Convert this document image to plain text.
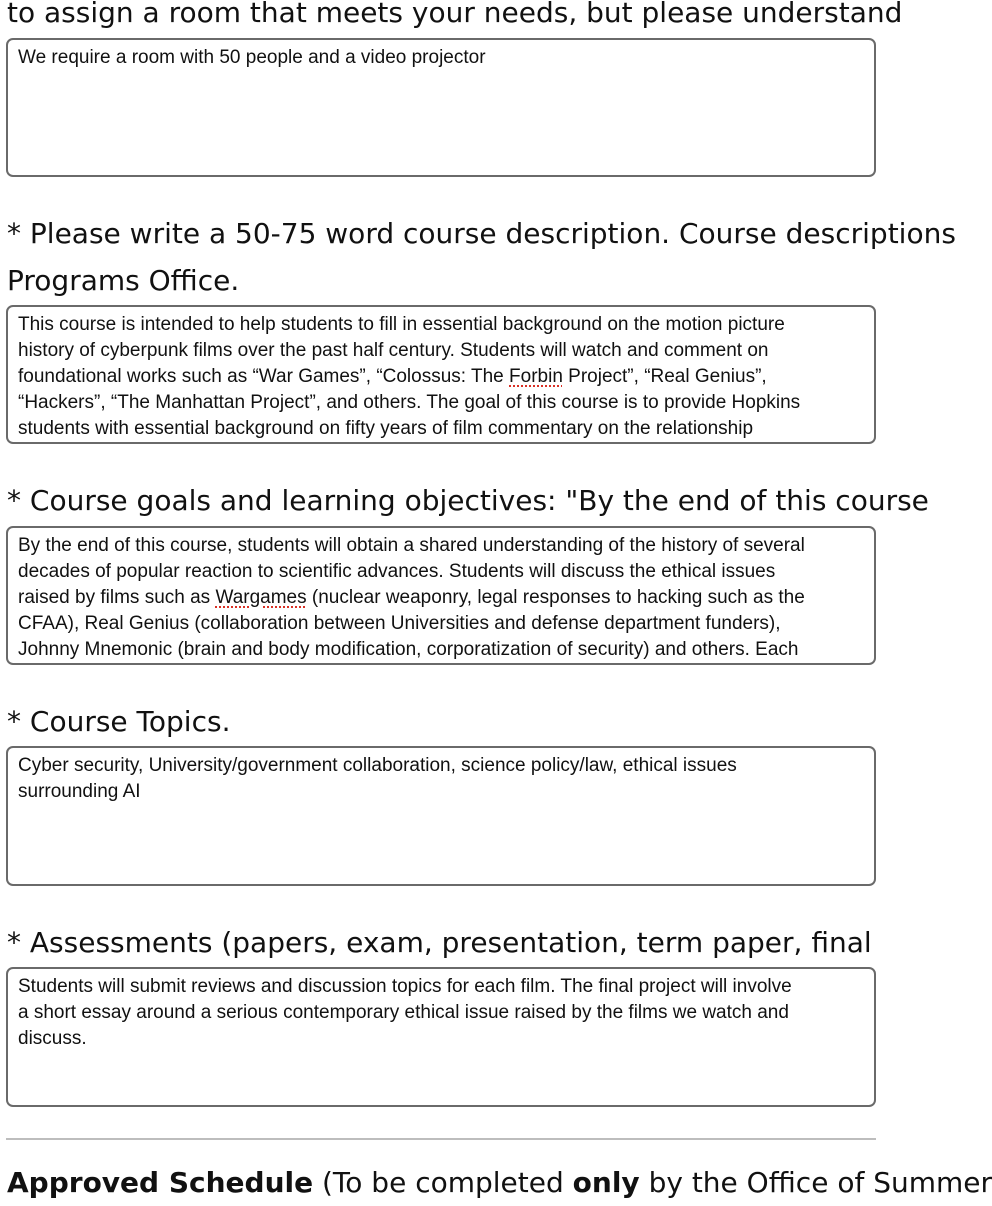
to assign a room that meets your needs, but please understand
We require a room with 50 people and a video projector
* Please write a 50-75 word course description. Course descriptions
Programs Office.
This course is intended to help students to fill in essential background on the motion picture
history of cyberpunk films over the past half century. Students will watch and comment on
foundational works such as “War Games”, “Colossus: The Forbin Project”, “Real Genius”,
“Hackers”, “The Manhattan Project”, and others. The goal of this course is to provide Hopkins
students with essential background on fifty years of film commentary on the relationship
* Course goals and learning objectives: "By the end of this course
By the end of this course, students will obtain a shared understanding of the history of several
decades of popular reaction to scientific advances. Students will discuss the ethical issues
raised by films such as Wargames (nuclear weaponry, legal responses to hacking such as the
CFAA), Real Genius (collaboration between Universities and defense department funders),
Johnny Mnemonic (brain and body modification, corporatization of security) and others. Each
* Course Topics.
Cyber security, University/government collaboration, science policy/law, ethical issues
surrounding AI
* Assessments (papers, exam, presentation, term paper, final
Students will submit reviews and discussion topics for each film. The final project will involve
a short essay around a serious contemporary ethical issue raised by the films we watch and
discuss.
Approved Schedule (To be completed only by the Office of Summer
